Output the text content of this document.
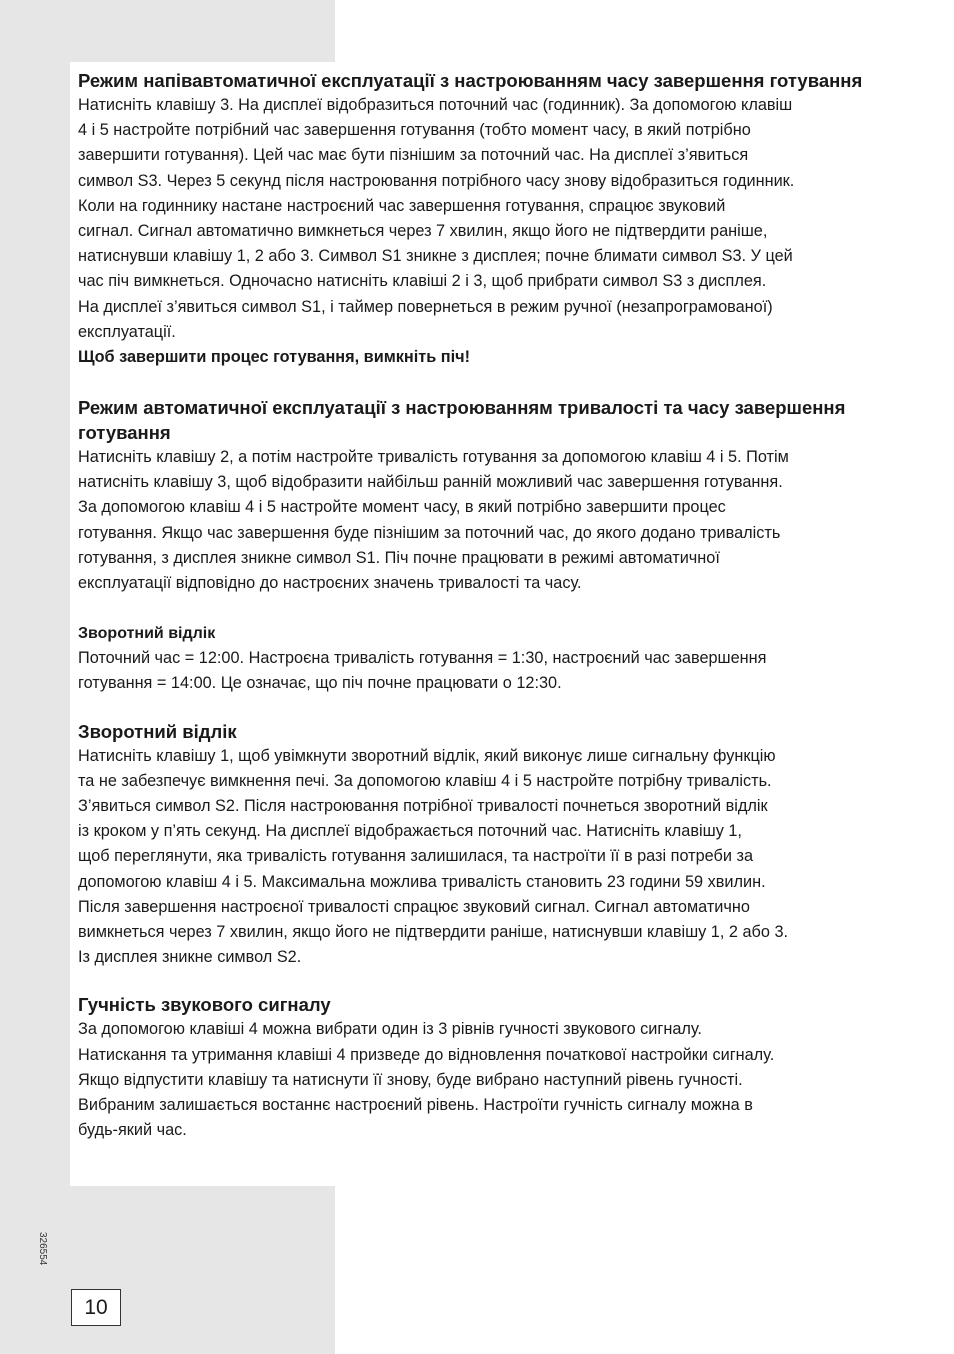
Режим напівавтоматичної експлуатації з настроюванням часу завершення готування

Натисніть клавішу 3. На дисплеї відобразиться поточний час (годинник). За допомогою клавіш
4 і 5 настройте потрібний час завершення готування (тобто момент часу, в який потрібно
завершити готування). Цей час має бути пізнішим за поточний час. На дисплеї з’явиться
символ S3. Через 5 секунд після настроювання потрібного часу знову відобразиться годинник.
Коли на годиннику настане настроєний час завершення готування, спрацює звуковий
сигнал. Сигнал автоматично вимкнеться через 7 хвилин, якщо його не підтвердити раніше,
натиснувши клавішу 1, 2 або 3. Символ S1 зникне з дисплея; почне блимати символ S3. У цей
час піч вимкнеться. Одночасно натисніть клавіші 2 і 3, щоб прибрати символ S3 з дисплея.
На дисплеї з’явиться символ S1, і таймер повернеться в режим ручної (незапрограмованої)
експлуатації.

Щоб завершити процес готування, вимкніть піч!

Режим автоматичної експлуатації з настроюванням тривалості та часу завершення готування

Натисніть клавішу 2, а потім настройте тривалість готування за допомогою клавіш 4 і 5. Потім
натисніть клавішу 3, щоб відобразити найбільш ранній можливий час завершення готування.
За допомогою клавіш 4 і 5 настройте момент часу, в який потрібно завершити процес
готування. Якщо час завершення буде пізнішим за поточний час, до якого додано тривалість
готування, з дисплея зникне символ S1. Піч почне працювати в режимі автоматичної
експлуатації відповідно до настроєних значень тривалості та часу.

Зворотний відлік

Поточний час = 12:00. Настроєна тривалість готування = 1:30, настроєний час завершення
готування = 14:00. Це означає, що піч почне працювати о 12:30.

Зворотний відлік

Натисніть клавішу 1, щоб увімкнути зворотний відлік, який виконує лише сигнальну функцію
та не забезпечує вимкнення печі. За допомогою клавіш 4 і 5 настройте потрібну тривалість.
З’явиться символ S2. Після настроювання потрібної тривалості почнеться зворотний відлік
із кроком у п’ять секунд. На дисплеї відображається поточний час. Натисніть клавішу 1,
щоб переглянути, яка тривалість готування залишилася, та настроїти її в разі потреби за
допомогою клавіш 4 і 5. Максимальна можлива тривалість становить 23 години 59 хвилин.
Після завершення настроєної тривалості спрацює звуковий сигнал. Сигнал автоматично
вимкнеться через 7 хвилин, якщо його не підтвердити раніше, натиснувши клавішу 1, 2 або 3.
Із дисплея зникне символ S2.

Гучність звукового сигналу

За допомогою клавіші 4 можна вибрати один із 3 рівнів гучності звукового сигналу.
Натискання та утримання клавіші 4 призведе до відновлення початкової настройки сигналу.
Якщо відпустити клавішу та натиснути її знову, буде вибрано наступний рівень гучності.
Вибраним залишається востаннє настроєний рівень. Настроїти гучність сигналу можна в
будь-який час.

326554
10
